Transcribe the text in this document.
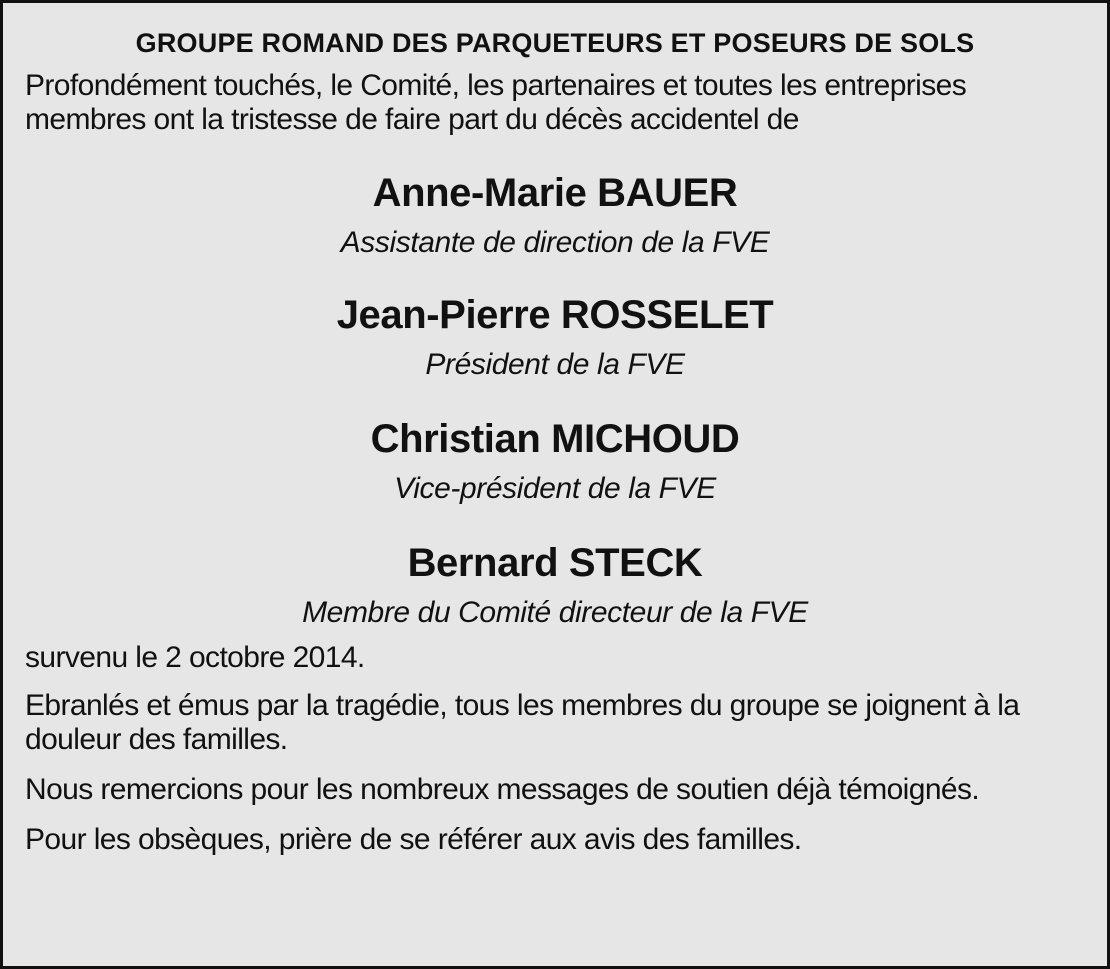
GROUPE ROMAND DES PARQUETEURS ET POSEURS DE SOLS

Profondément touchés, le Comité, les partenaires et toutes les entreprises membres ont la tristesse de faire part du décès accidentel de

Anne-Marie BAUER

Assistante de direction de la FVE

Jean-Pierre ROSSELET

Président de la FVE

Christian MICHOUD

Vice-président de la FVE

Bernard STECK

Membre du Comité directeur de la FVE

survenu le 2 octobre 2014.

Ebranlés et émus par la tragédie, tous les membres du groupe se joignent à la douleur des familles.

Nous remercions pour les nombreux messages de soutien déjà témoignés.

Pour les obsèques, prière de se référer aux avis des familles.
